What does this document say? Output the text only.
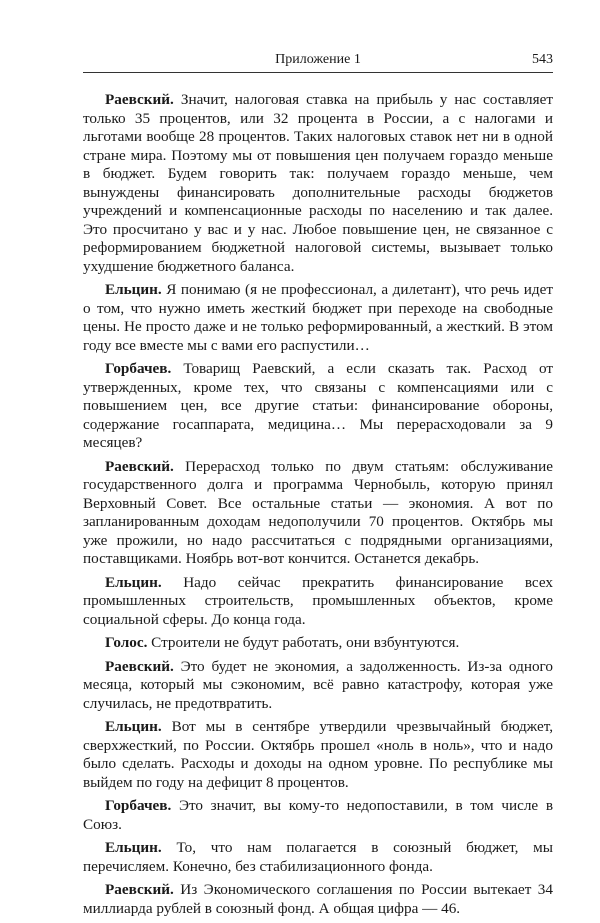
Приложение 1	543

Раевский. Значит, налоговая ставка на прибыль у нас составляет только 35 процентов, или 32 процента в России, а с налогами и льготами вообще 28 процентов. Таких налоговых ставок нет ни в одной стране мира. Поэтому мы от повышения цен получаем гораздо меньше в бюджет. Будем говорить так: получаем гораздо меньше, чем вынуждены финансировать дополнительные расходы бюджетов учреждений и компенсационные расходы по населению и так далее. Это просчитано у вас и у нас. Любое повышение цен, не связанное с реформированием бюджетной налоговой системы, вызывает только ухудшение бюджетного баланса.

Ельцин. Я понимаю (я не профессионал, а дилетант), что речь идет о том, что нужно иметь жесткий бюджет при переходе на свободные цены. Не просто даже и не только реформированный, а жесткий. В этом году все вместе мы с вами его распустили…

Горбачев. Товарищ Раевский, а если сказать так. Расход от утвержденных, кроме тех, что связаны с компенсациями или с повышением цен, все другие статьи: финансирование обороны, содержание госаппарата, медицина… Мы перерасходовали за 9 месяцев?

Раевский. Перерасход только по двум статьям: обслуживание государственного долга и программа Чернобыль, которую принял Верховный Совет. Все остальные статьи — экономия. А вот по запланированным доходам недополучили 70 процентов. Октябрь мы уже прожили, но надо рассчитаться с подрядными организациями, поставщиками. Ноябрь вот-вот кончится. Останется декабрь.

Ельцин. Надо сейчас прекратить финансирование всех промышленных строительств, промышленных объектов, кроме социальной сферы. До конца года.

Голос. Строители не будут работать, они взбунтуются.

Раевский. Это будет не экономия, а задолженность. Из-за одного месяца, который мы сэкономим, всё равно катастрофу, которая уже случилась, не предотвратить.

Ельцин. Вот мы в сентябре утвердили чрезвычайный бюджет, сверхжесткий, по России. Октябрь прошел «ноль в ноль», что и надо было сделать. Расходы и доходы на одном уровне. По республике мы выйдем по году на дефицит 8 процентов.

Горбачев. Это значит, вы кому-то недопоставили, в том числе в Союз.

Ельцин. То, что нам полагается в союзный бюджет, мы перечисляем. Конечно, без стабилизационного фонда.

Раевский. Из Экономического соглашения по России вытекает 34 миллиарда рублей в союзный фонд. А общая цифра — 46.
